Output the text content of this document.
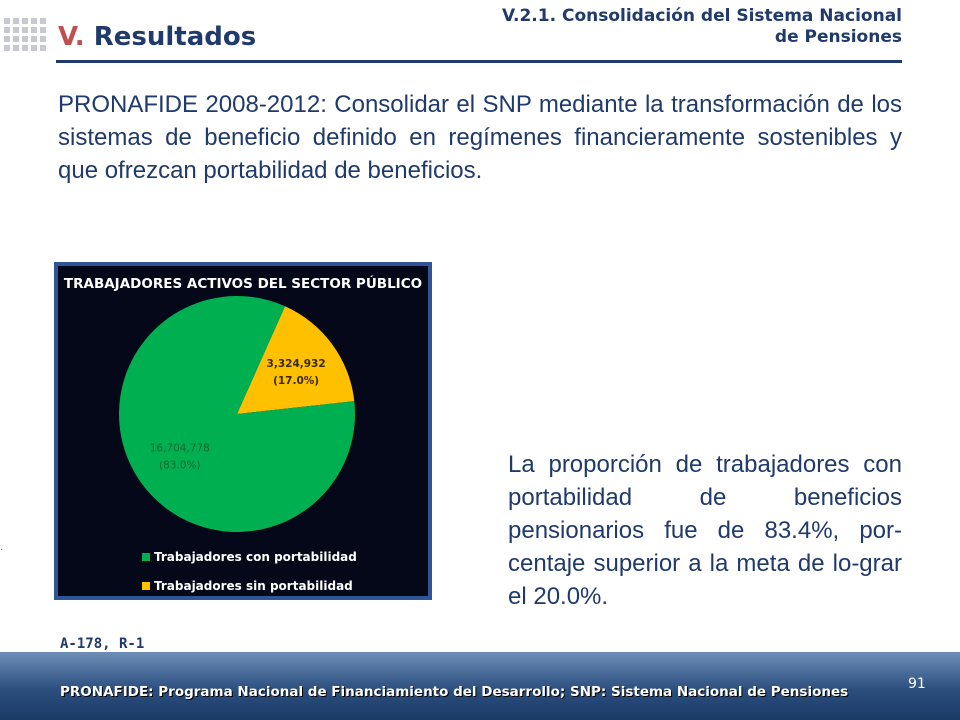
V. Resultados
V.2.1. Consolidación del Sistema Nacional
de Pensiones
PRONAFIDE 2008-2012: Consolidar el SNP mediante la transformación de los sistemas de beneficio definido en regímenes financieramente sostenibles y que ofrezcan portabilidad de beneficios.
TRABAJADORES ACTIVOS DEL SECTOR PÚBLICO
16,704,778
(83.0%)
3,324,932
(17.0%)
Trabajadores con portabilidad
Trabajadores sin portabilidad
La proporción de trabajadores con portabilidad de beneficios pensionarios fue de 83.4%, por-centaje superior a la meta de lo-grar el 20.0%.
·
A-178, R-1
PRONAFIDE: Programa Nacional de Financiamiento del Desarrollo; SNP: Sistema Nacional de Pensiones	91
